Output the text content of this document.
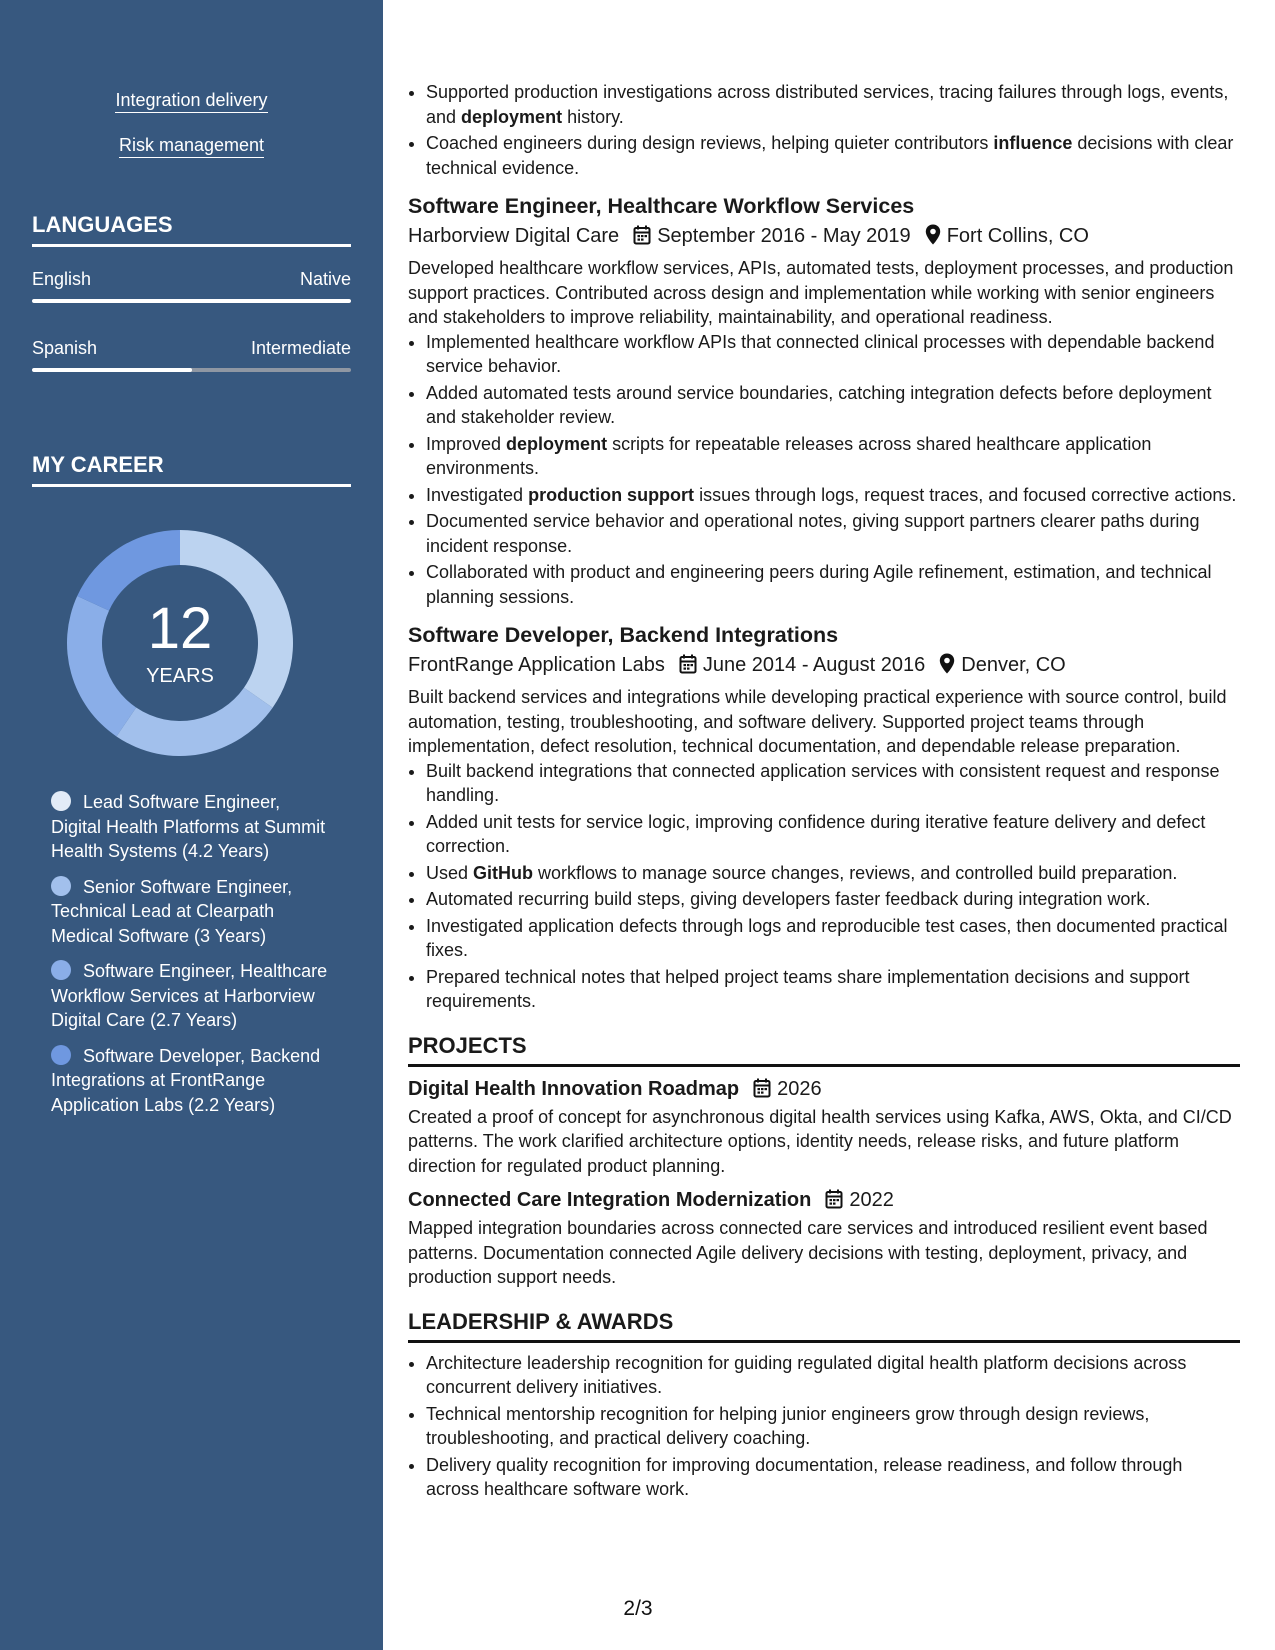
Integration delivery
Risk management
LANGUAGES
English	Native
Spanish	Intermediate
MY CAREER
12
YEARS
Lead Software Engineer, Digital Health Platforms at Summit Health Systems (4.2 Years)
Senior Software Engineer, Technical Lead at Clearpath Medical Software (3 Years)
Software Engineer, Healthcare Workflow Services at Harborview Digital Care (2.7 Years)
Software Developer, Backend Integrations at FrontRange Application Labs (2.2 Years)
• Supported production investigations across distributed services, tracing failures through logs, events, and deployment history.
• Coached engineers during design reviews, helping quieter contributors influence decisions with clear technical evidence.
Software Engineer, Healthcare Workflow Services
Harborview Digital Care September 2016 - May 2019 Fort Collins, CO
Developed healthcare workflow services, APIs, automated tests, deployment processes, and production support practices. Contributed across design and implementation while working with senior engineers and stakeholders to improve reliability, maintainability, and operational readiness.
• Implemented healthcare workflow APIs that connected clinical processes with dependable backend service behavior.
• Added automated tests around service boundaries, catching integration defects before deployment and stakeholder review.
• Improved deployment scripts for repeatable releases across shared healthcare application environments.
• Investigated production support issues through logs, request traces, and focused corrective actions.
• Documented service behavior and operational notes, giving support partners clearer paths during incident response.
• Collaborated with product and engineering peers during Agile refinement, estimation, and technical planning sessions.
Software Developer, Backend Integrations
FrontRange Application Labs June 2014 - August 2016 Denver, CO
Built backend services and integrations while developing practical experience with source control, build automation, testing, troubleshooting, and software delivery. Supported project teams through implementation, defect resolution, technical documentation, and dependable release preparation.
• Built backend integrations that connected application services with consistent request and response handling.
• Added unit tests for service logic, improving confidence during iterative feature delivery and defect correction.
• Used GitHub workflows to manage source changes, reviews, and controlled build preparation.
• Automated recurring build steps, giving developers faster feedback during integration work.
• Investigated application defects through logs and reproducible test cases, then documented practical fixes.
• Prepared technical notes that helped project teams share implementation decisions and support requirements.
PROJECTS
Digital Health Innovation Roadmap 2026
Created a proof of concept for asynchronous digital health services using Kafka, AWS, Okta, and CI/CD patterns. The work clarified architecture options, identity needs, release risks, and future platform direction for regulated product planning.
Connected Care Integration Modernization 2022
Mapped integration boundaries across connected care services and introduced resilient event based patterns. Documentation connected Agile delivery decisions with testing, deployment, privacy, and production support needs.
LEADERSHIP & AWARDS
• Architecture leadership recognition for guiding regulated digital health platform decisions across concurrent delivery initiatives.
• Technical mentorship recognition for helping junior engineers grow through design reviews, troubleshooting, and practical delivery coaching.
• Delivery quality recognition for improving documentation, release readiness, and follow through across healthcare software work.
2/3
